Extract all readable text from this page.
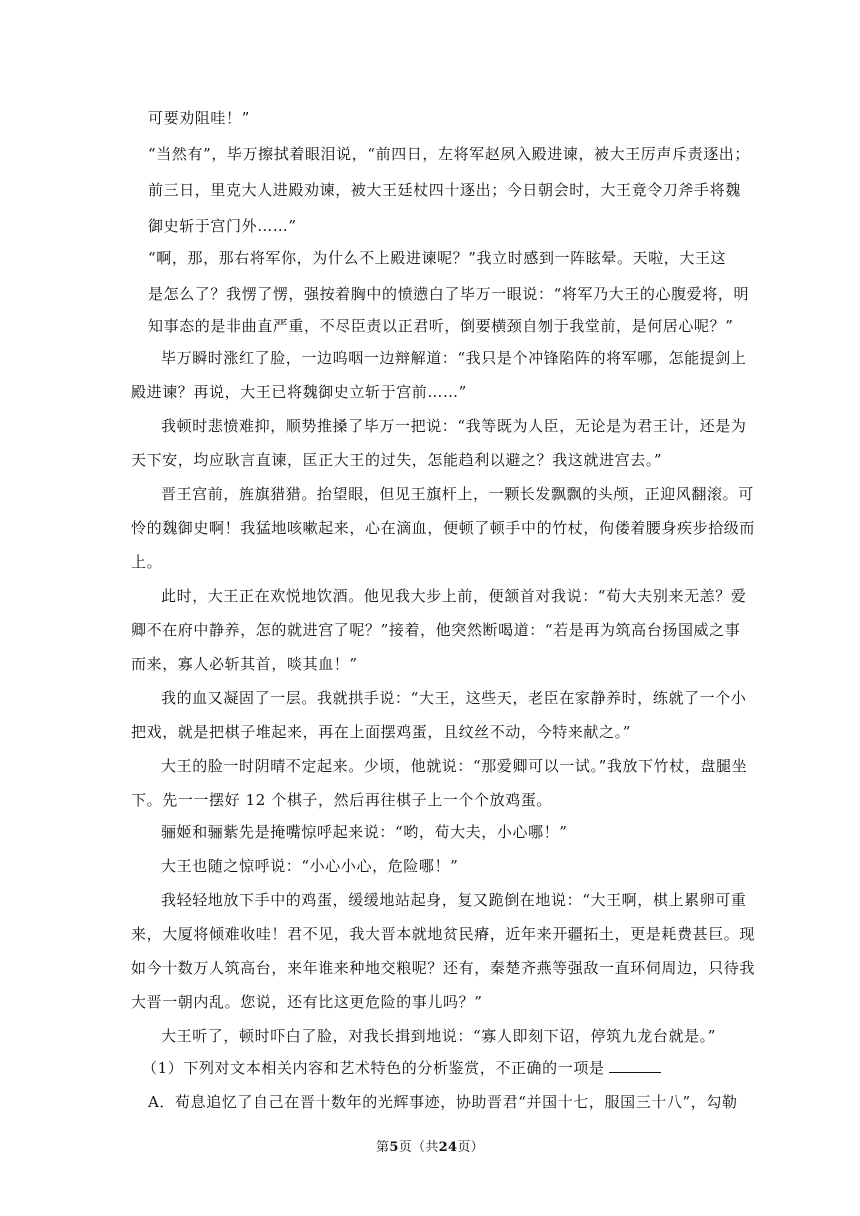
可要劝阻哇！”
“当然有”，毕万擦拭着眼泪说，“前四日，左将军赵夙入殿进谏，被大王厉声斥责逐出；
前三日，里克大人进殿劝谏，被大王廷杖四十逐出；今日朝会时，大王竟令刀斧手将魏
御史斩于宫门外……”
“啊，那，那右将军你，为什么不上殿进谏呢？”我立时感到一阵眩晕。天啦，大王这
是怎么了？我愣了愣，强按着胸中的愤懑白了毕万一眼说：“将军乃大王的心腹爱将，明
知事态的是非曲直严重，不尽臣责以正君听，倒要横颈自刎于我堂前，是何居心呢？”
毕万瞬时涨红了脸，一边呜咽一边辩解道：“我只是个冲锋陷阵的将军哪，怎能提剑上
殿进谏？再说，大王已将魏御史立斩于宫前……”
我顿时悲愤难抑，顺势推搡了毕万一把说：“我等既为人臣，无论是为君王计，还是为
天下安，均应耿言直谏，匡正大王的过失，怎能趋利以避之？我这就进宫去。”
晋王宫前，旌旗猎猎。抬望眼，但见王旗杆上，一颗长发飘飘的头颅，正迎风翻滚。可
怜的魏御史啊！我猛地咳嗽起来，心在滴血，便顿了顿手中的竹杖，佝偻着腰身疾步拾级而
上。
此时，大王正在欢悦地饮酒。他见我大步上前，便颔首对我说：“荀大夫别来无恙？爱
卿不在府中静养，怎的就进宫了呢？”接着，他突然断喝道：“若是再为筑高台扬国威之事
而来，寡人必斩其首，啖其血！”
我的血又凝固了一层。我就拱手说：“大王，这些天，老臣在家静养时，练就了一个小
把戏，就是把棋子堆起来，再在上面摆鸡蛋，且纹丝不动，今特来献之。”
大王的脸一时阴晴不定起来。少顷，他就说：“那爱卿可以一试。”我放下竹杖，盘腿坐
下。先一一摆好 12 个棋子，然后再往棋子上一个个放鸡蛋。
骊姬和骊紫先是掩嘴惊呼起来说：“哟，荀大夫，小心哪！”
大王也随之惊呼说：“小心小心，危险哪！”
我轻轻地放下手中的鸡蛋，缓缓地站起身，复又跪倒在地说：“大王啊，棋上累卵可重
来，大厦将倾难收哇！君不见，我大晋本就地贫民瘠，近年来开疆拓土，更是耗费甚巨。现
如今十数万人筑高台，来年谁来种地交粮呢？还有，秦楚齐燕等强敌一直环伺周边，只待我
大晋一朝内乱。您说，还有比这更危险的事儿吗？”
大王听了，顿时吓白了脸，对我长揖到地说：“寡人即刻下诏，停筑九龙台就是。”
（1）下列对文本相关内容和艺术特色的分析鉴赏，不正确的一项是
A．荀息追忆了自己在晋十数年的光辉事迹，协助晋君“并国十七，服国三十八”，勾勒
第5页（共24页）
